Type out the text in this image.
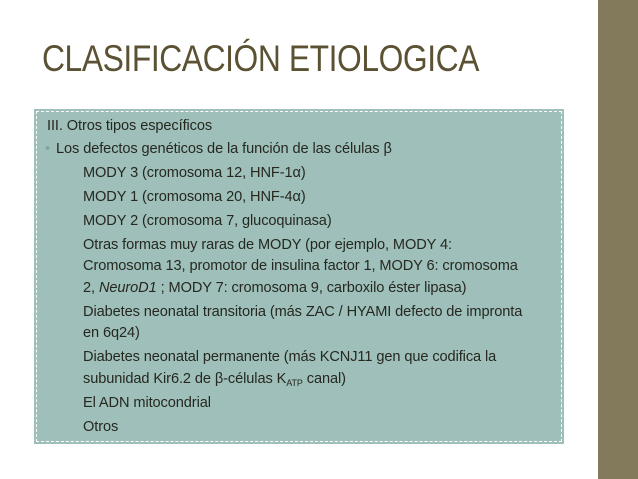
CLASIFICACIÓN ETIOLOGICA
III. Otros tipos específicos
• Los defectos genéticos de la función de las células β
MODY 3 (cromosoma 12, HNF-1α)
MODY 1 (cromosoma 20, HNF-4α)
MODY 2 (cromosoma 7, glucoquinasa)
Otras formas muy raras de MODY (por ejemplo, MODY 4:
Cromosoma 13, promotor de insulina factor 1, MODY 6: cromosoma
2, NeuroD1 ; MODY 7: cromosoma 9, carboxilo éster lipasa)
Diabetes neonatal transitoria (más ZAC / HYAMI defecto de impronta
en 6q24)
Diabetes neonatal permanente (más KCNJ11 gen que codifica la
subunidad Kir6.2 de β-células $K_{ATP}$ canal)
El ADN mitocondrial
Otros
